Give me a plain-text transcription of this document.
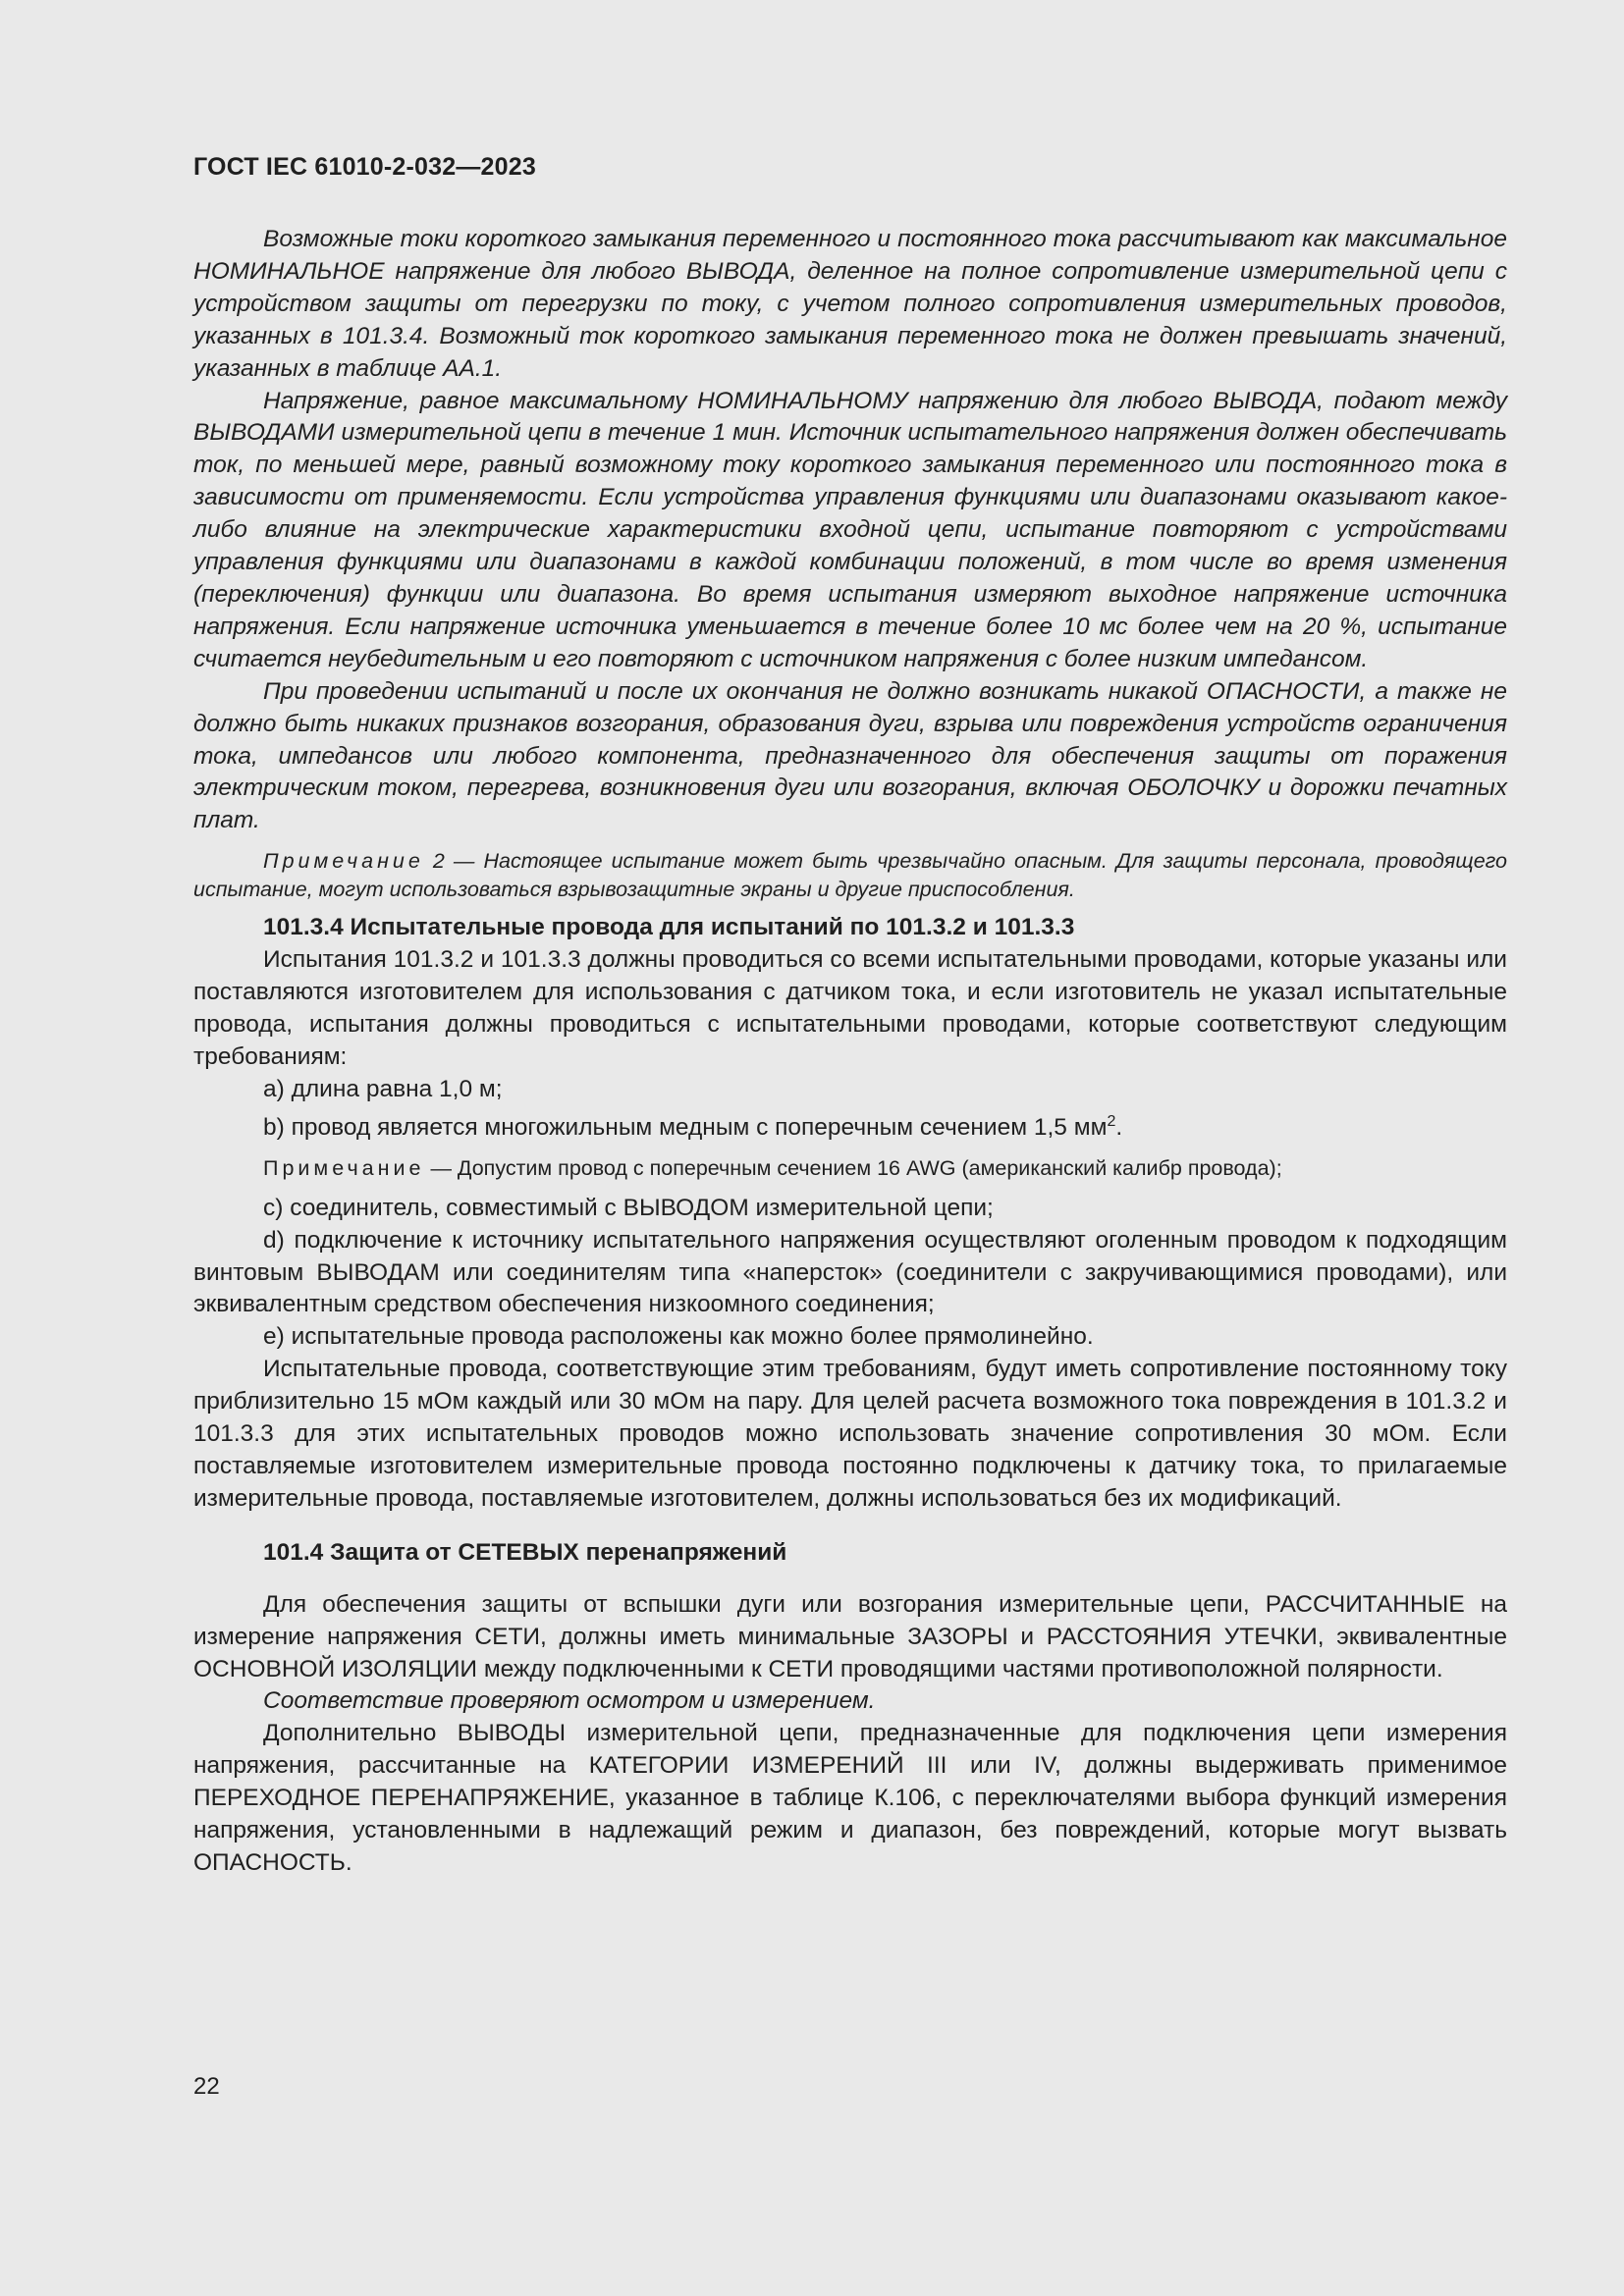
ГОСТ IEC 61010-2-032—2023

Возможные токи короткого замыкания переменного и постоянного тока рассчитывают как максимальное НОМИНАЛЬНОЕ напряжение для любого ВЫВОДА, деленное на полное сопротивление измерительной цепи с устройством защиты от перегрузки по току, с учетом полного сопротивления измерительных проводов, указанных в 101.3.4. Возможный ток короткого замыкания переменного тока не должен превышать значений, указанных в таблице АА.1.

Напряжение, равное максимальному НОМИНАЛЬНОМУ напряжению для любого ВЫВОДА, подают между ВЫВОДАМИ измерительной цепи в течение 1 мин. Источник испытательного напряжения должен обеспечивать ток, по меньшей мере, равный возможному току короткого замыкания переменного или постоянного тока в зависимости от применяемости. Если устройства управления функциями или диапазонами оказывают какое-либо влияние на электрические характеристики входной цепи, испытание повторяют с устройствами управления функциями или диапазонами в каждой комбинации положений, в том числе во время изменения (переключения) функции или диапазона. Во время испытания измеряют выходное напряжение источника напряжения. Если напряжение источника уменьшается в течение более 10 мс более чем на 20 %, испытание считается неубедительным и его повторяют с источником напряжения с более низким импедансом.

При проведении испытаний и после их окончания не должно возникать никакой ОПАСНОСТИ, а также не должно быть никаких признаков возгорания, образования дуги, взрыва или повреждения устройств ограничения тока, импедансов или любого компонента, предназначенного для обеспечения защиты от поражения электрическим током, перегрева, возникновения дуги или возгорания, включая ОБОЛОЧКУ и дорожки печатных плат.

Примечание 2 — Настоящее испытание может быть чрезвычайно опасным. Для защиты персонала, проводящего испытание, могут использоваться взрывозащитные экраны и другие приспособления.

101.3.4 Испытательные провода для испытаний по 101.3.2 и 101.3.3

Испытания 101.3.2 и 101.3.3 должны проводиться со всеми испытательными проводами, которые указаны или поставляются изготовителем для использования с датчиком тока, и если изготовитель не указал испытательные провода, испытания должны проводиться с испытательными проводами, которые соответствуют следующим требованиям:

a) длина равна 1,0 м;

b) провод является многожильным медным с поперечным сечением 1,5 $мм^2$.

Примечание — Допустим провод с поперечным сечением 16 AWG (американский калибр провода);

c) соединитель, совместимый с ВЫВОДОМ измерительной цепи;

d) подключение к источнику испытательного напряжения осуществляют оголенным проводом к подходящим винтовым ВЫВОДАМ или соединителям типа «наперсток» (соединители с закручивающимися проводами), или эквивалентным средством обеспечения низкоомного соединения;

e) испытательные провода расположены как можно более прямолинейно.

Испытательные провода, соответствующие этим требованиям, будут иметь сопротивление постоянному току приблизительно 15 мОм каждый или 30 мОм на пару. Для целей расчета возможного тока повреждения в 101.3.2 и 101.3.3 для этих испытательных проводов можно использовать значение сопротивления 30 мОм. Если поставляемые изготовителем измерительные провода постоянно подключены к датчику тока, то прилагаемые измерительные провода, поставляемые изготовителем, должны использоваться без их модификаций.

101.4 Защита от СЕТЕВЫХ перенапряжений

Для обеспечения защиты от вспышки дуги или возгорания измерительные цепи, РАССЧИТАННЫЕ на измерение напряжения СЕТИ, должны иметь минимальные ЗАЗОРЫ и РАССТОЯНИЯ УТЕЧКИ, эквивалентные ОСНОВНОЙ ИЗОЛЯЦИИ между подключенными к СЕТИ проводящими частями противоположной полярности.

Соответствие проверяют осмотром и измерением.

Дополнительно ВЫВОДЫ измерительной цепи, предназначенные для подключения цепи измерения напряжения, рассчитанные на КАТЕГОРИИ ИЗМЕРЕНИЙ III или IV, должны выдерживать применимое ПЕРЕХОДНОЕ ПЕРЕНАПРЯЖЕНИЕ, указанное в таблице К.106, с переключателями выбора функций измерения напряжения, установленными в надлежащий режим и диапазон, без повреждений, которые могут вызвать ОПАСНОСТЬ.

22
